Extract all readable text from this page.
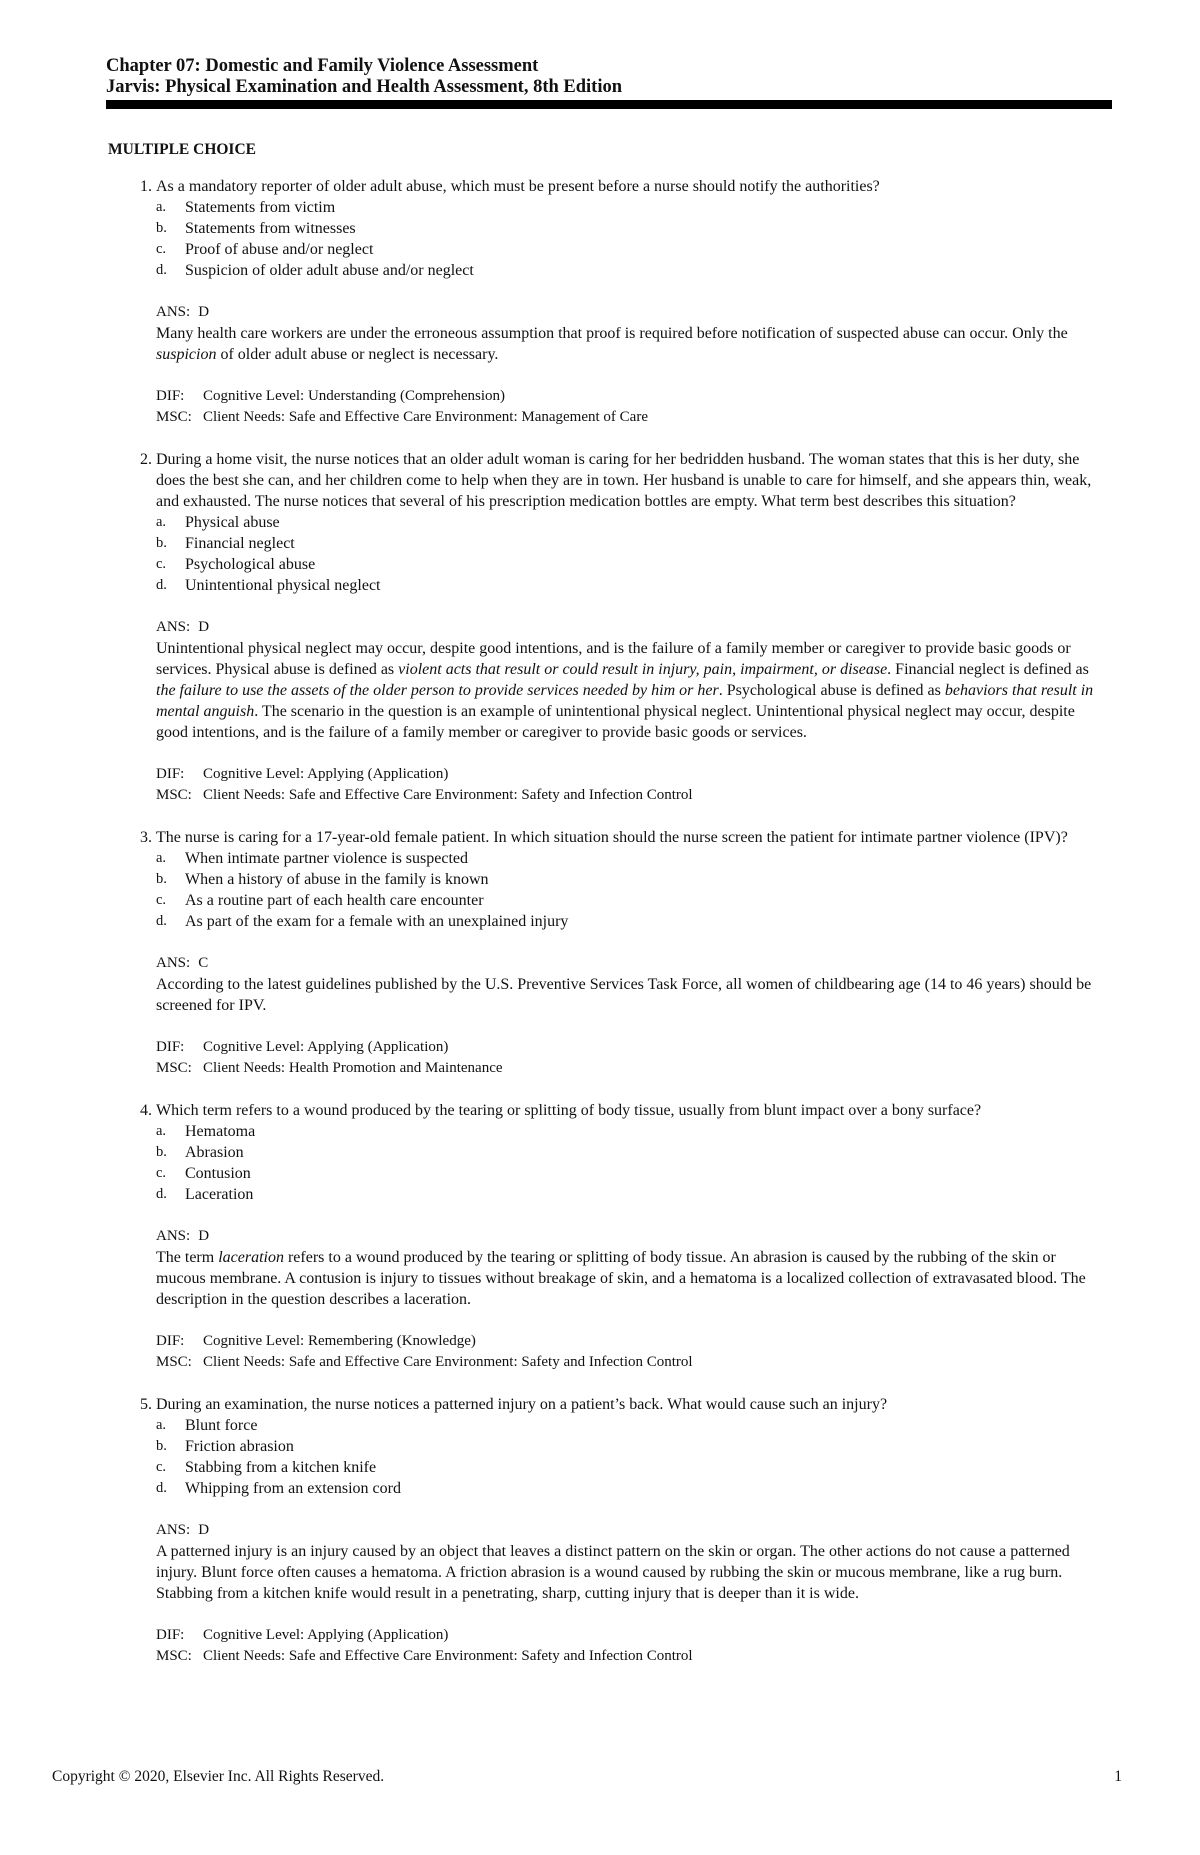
Chapter 07: Domestic and Family Violence Assessment
Jarvis: Physical Examination and Health Assessment, 8th Edition
MULTIPLE CHOICE
1. As a mandatory reporter of older adult abuse, which must be present before a nurse should notify the authorities?

a. Statements from victim
b. Statements from witnesses
c. Proof of abuse and/or neglect
d. Suspicion of older adult abuse and/or neglect
ANS: D

Many health care workers are under the erroneous assumption that proof is required before notification of suspected abuse can occur. Only the suspicion of older adult abuse or neglect is necessary.

DIF: Cognitive Level: Understanding (Comprehension)
MSC: Client Needs: Safe and Effective Care Environment: Management of Care
2. During a home visit, the nurse notices that an older adult woman is caring for her bedridden husband. The woman states that this is her duty, she does the best she can, and her children come to help when they are in town. Her husband is unable to care for himself, and she appears thin, weak, and exhausted. The nurse notices that several of his prescription medication bottles are empty. What term best describes this situation?

a. Physical abuse
b. Financial neglect
c. Psychological abuse
d. Unintentional physical neglect
ANS: D

Unintentional physical neglect may occur, despite good intentions, and is the failure of a family member or caregiver to provide basic goods or services. Physical abuse is defined as violent acts that result or could result in injury, pain, impairment, or disease. Financial neglect is defined as the failure to use the assets of the older person to provide services needed by him or her. Psychological abuse is defined as behaviors that result in mental anguish. The scenario in the question is an example of unintentional physical neglect. Unintentional physical neglect may occur, despite good intentions, and is the failure of a family member or caregiver to provide basic goods or services.

DIF: Cognitive Level: Applying (Application)
MSC: Client Needs: Safe and Effective Care Environment: Safety and Infection Control
3. The nurse is caring for a 17-year-old female patient. In which situation should the nurse screen the patient for intimate partner violence (IPV)?

a. When intimate partner violence is suspected
b. When a history of abuse in the family is known
c. As a routine part of each health care encounter
d. As part of the exam for a female with an unexplained injury
ANS: C

According to the latest guidelines published by the U.S. Preventive Services Task Force, all women of childbearing age (14 to 46 years) should be screened for IPV.

DIF: Cognitive Level: Applying (Application)
MSC: Client Needs: Health Promotion and Maintenance
4. Which term refers to a wound produced by the tearing or splitting of body tissue, usually from blunt impact over a bony surface?

a. Hematoma
b. Abrasion
c. Contusion
d. Laceration
ANS: D

The term laceration refers to a wound produced by the tearing or splitting of body tissue. An abrasion is caused by the rubbing of the skin or mucous membrane. A contusion is injury to tissues without breakage of skin, and a hematoma is a localized collection of extravasated blood. The description in the question describes a laceration.

DIF: Cognitive Level: Remembering (Knowledge)
MSC: Client Needs: Safe and Effective Care Environment: Safety and Infection Control
5. During an examination, the nurse notices a patterned injury on a patient’s back. What would cause such an injury?

a. Blunt force
b. Friction abrasion
c. Stabbing from a kitchen knife
d. Whipping from an extension cord
ANS: D

A patterned injury is an injury caused by an object that leaves a distinct pattern on the skin or organ. The other actions do not cause a patterned injury. Blunt force often causes a hematoma. A friction abrasion is a wound caused by rubbing the skin or mucous membrane, like a rug burn. Stabbing from a kitchen knife would result in a penetrating, sharp, cutting injury that is deeper than it is wide.

DIF: Cognitive Level: Applying (Application)
MSC: Client Needs: Safe and Effective Care Environment: Safety and Infection Control
Copyright © 2020, Elsevier Inc. All Rights Reserved.	1
